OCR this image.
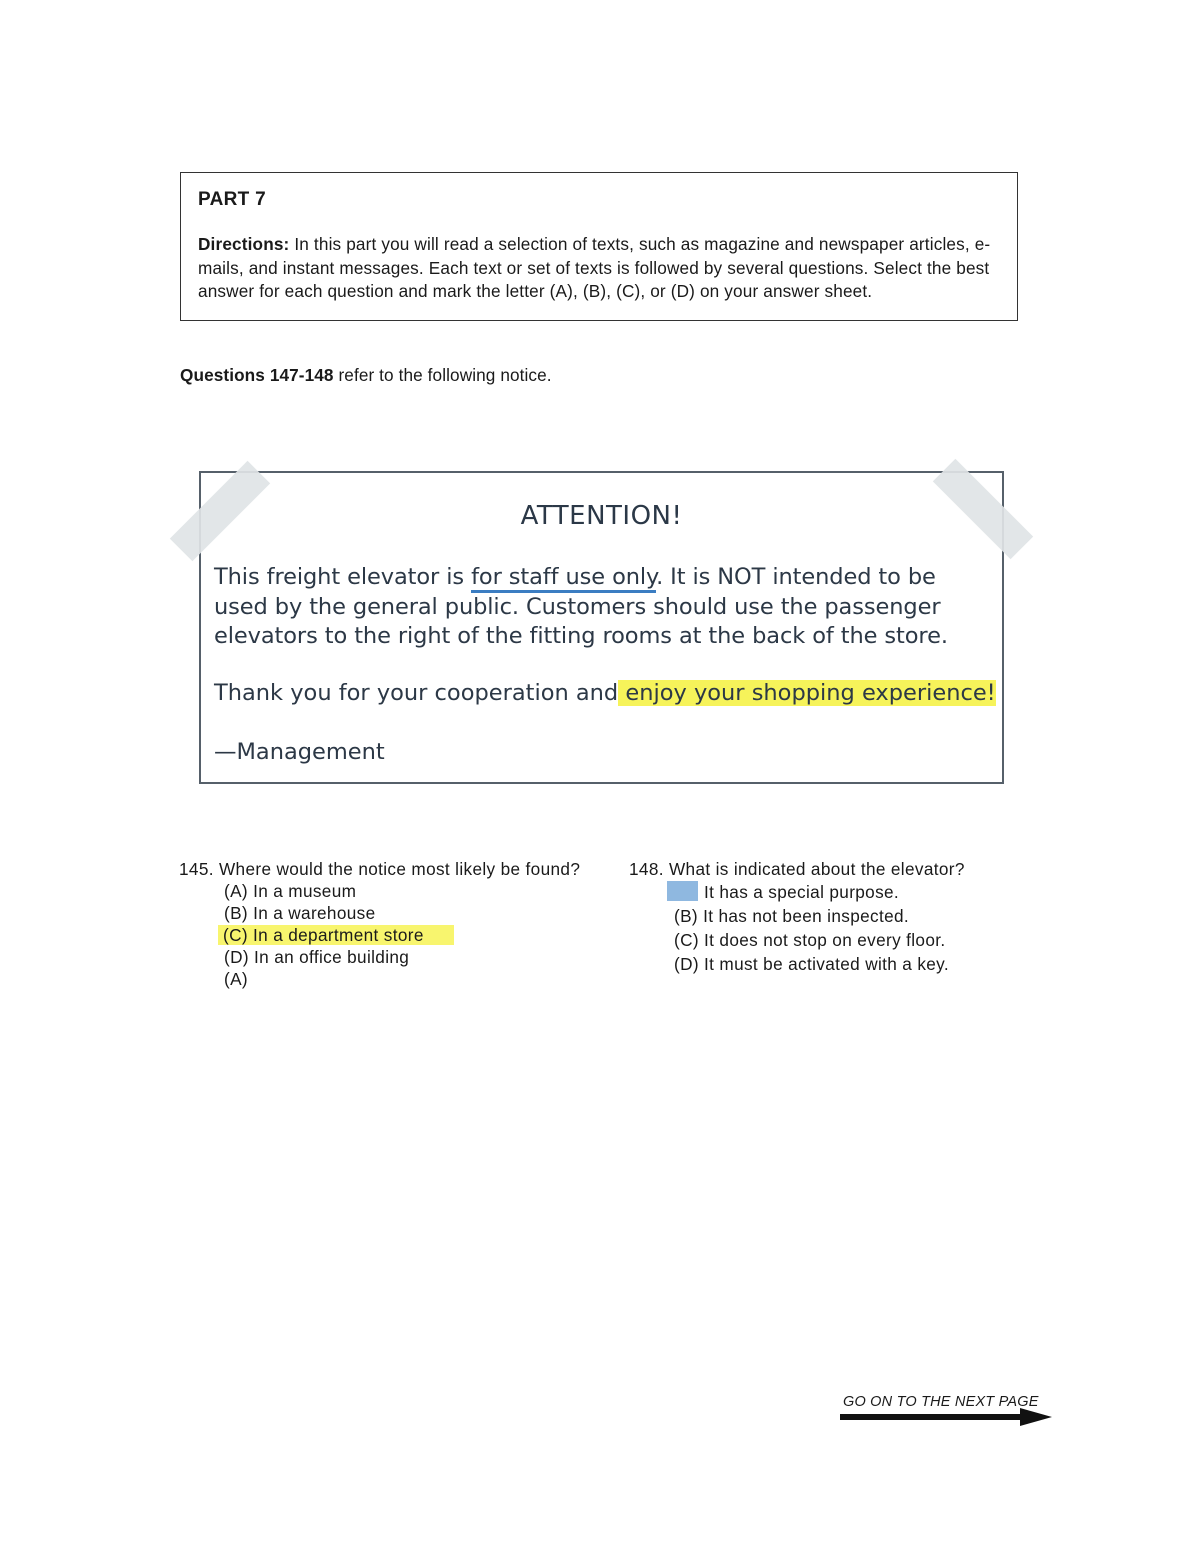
PART 7

Directions: In this part you will read a selection of texts, such as magazine and newspaper articles, e-mails, and instant messages. Each text or set of texts is followed by several questions. Select the best answer for each question and mark the letter (A), (B), (C), or (D) on your answer sheet.

Questions 147-148 refer to the following notice.
ATTENTION!

This freight elevator is for staff use only. It is NOT intended to be used by the general public. Customers should use the passenger elevators to the right of the fitting rooms at the back of the store.

Thank you for your cooperation and enjoy your shopping experience!

—Management

145. Where would the notice most likely be found?

(A) In a museum
(B) In a warehouse
(C) In a department store
(D) In an office building
(A)

148. What is indicated about the elevator?

It has a special purpose.
(B) It has not been inspected.
(C) It does not stop on every floor.
(D) It must be activated with a key.
GO ON TO THE NEXT PAGE
